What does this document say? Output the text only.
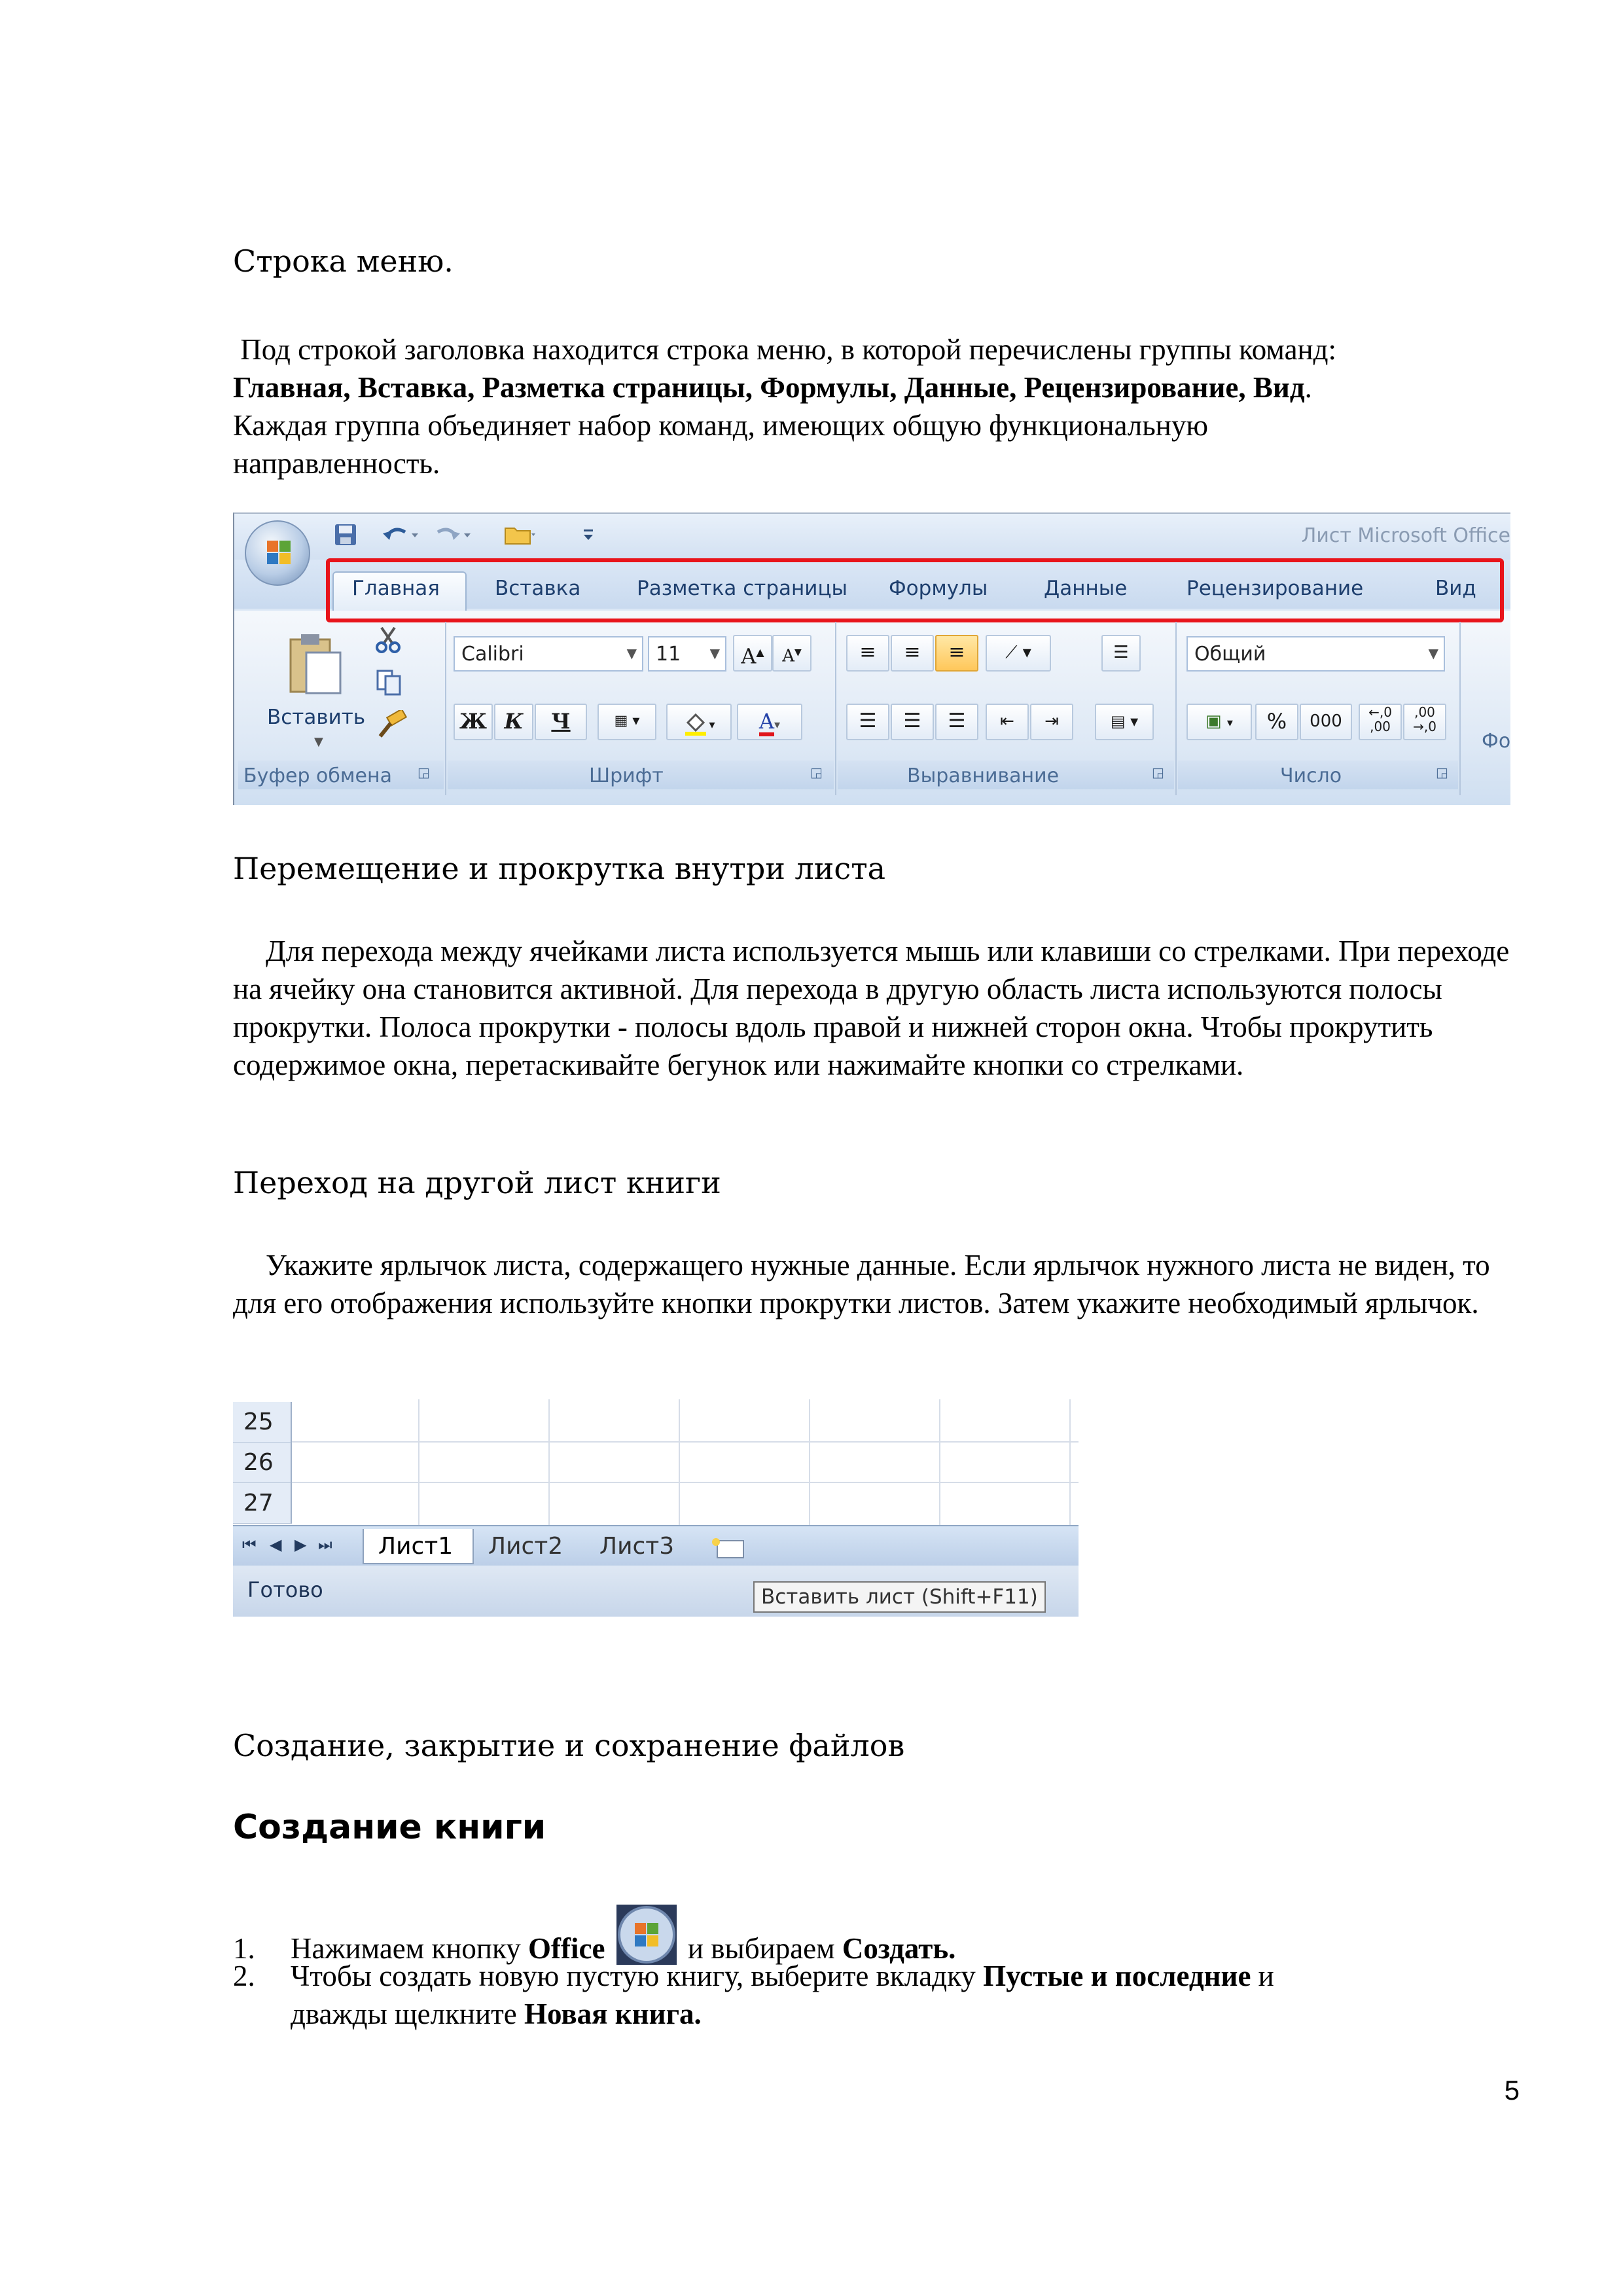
Строка меню.

Под строкой заголовка находится строка меню, в которой перечислены группы команд:
Главная, Вставка, Разметка страницы, Формулы, Данные, Рецензирование, Вид.
Каждая группа объединяет набор команд, имеющих общую функциональную направленность.

Лист Microsoft Office
Главная	Вставка	Разметка страницы Формулы	Данные	Рецензирование	Вид
Вставить
▼
Calibri	▼ 11 ▼	A▲	A▼
Ж К	Ч	▦ ▾	▾	A▾
≡	≡	≡	⟋ ▾	☰
☰	☰	☰	⇤	⇥	▤ ▾
Общий	▼
▣ ▾	%	000	←,0
,00
,00
→,0
Буфер обмена ◲	Шрифт	◲	Выравнивание	◲	Число	◲
Фо
Перемещение и прокрутка внутри листа

Для перехода между ячейками листа используется мышь или клавиши со стрелками. При переходе на ячейку она становится активной. Для перехода в другую область листа используются полосы прокрутки. Полоса прокрутки - полосы вдоль правой и нижней сторон окна. Чтобы прокрутить содержимое окна, перетаскивайте бегунок или нажимайте кнопки со стрелками.

Переход на другой лист книги

Укажите ярлычок листа, содержащего нужные данные. Если ярлычок нужного листа не виден, то для его отображения используйте кнопки прокрутки листов. Затем укажите необходимый ярлычок.

25
26
27
⏮ ◀ ▶ ⏭	Лист1	Лист2	Лист3
Готово	Вставить лист (Shift+F11)
Создание, закрытие и сохранение файлов
Создание книги
1. Нажимаем кнопку Office	и выбираем Создать.
2. Чтобы создать новую пустую книгу, выберите вкладку Пустые и последние и
дважды щелкните Новая книга.
5
